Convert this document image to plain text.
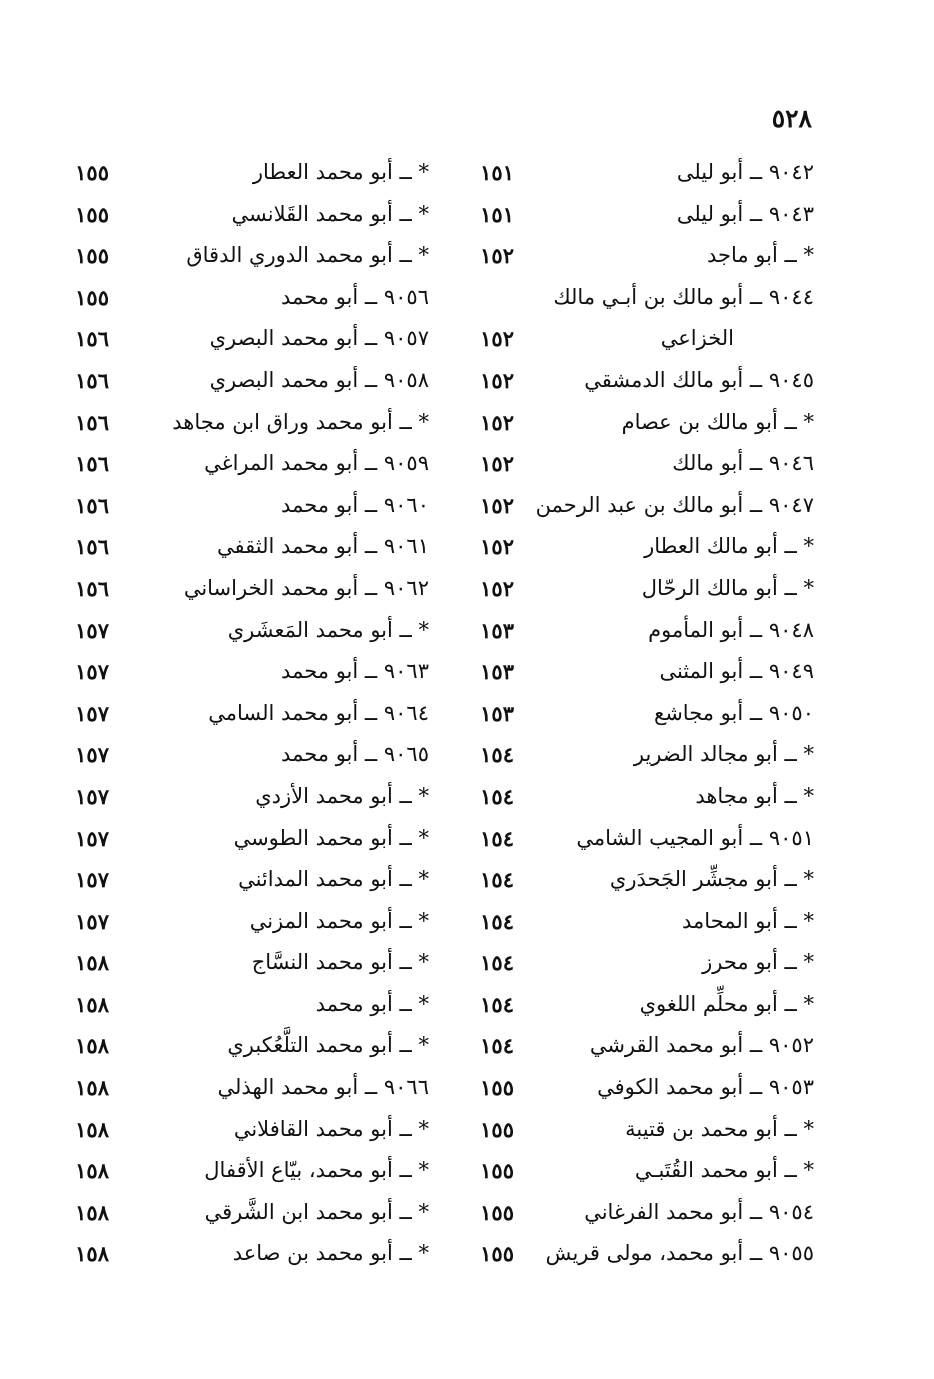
٥٢٨
٩٠٤٢ ــ أبو ليلى
١٥١
٩٠٤٣ ــ أبو ليلى
١٥١
* ــ أبو ماجد
١٥٢
٩٠٤٤ ــ أبو مالك بن أبـي مالك
الخزاعي
١٥٢
٩٠٤٥ ــ أبو مالك الدمشقي
١٥٢
* ــ أبو مالك بن عصام
١٥٢
٩٠٤٦ ــ أبو مالك
١٥٢
٩٠٤٧ ــ أبو مالك بن عبد الرحمن
١٥٢
* ــ أبو مالك العطار
١٥٢
* ــ أبو مالك الرحّال
١٥٢
٩٠٤٨ ــ أبو المأموم
١٥٣
٩٠٤٩ ــ أبو المثنى
١٥٣
٩٠٥٠ ــ أبو مجاشع
١٥٣
* ــ أبو مجالد الضرير
١٥٤
* ــ أبو مجاهد
١٥٤
٩٠٥١ ــ أبو المجيب الشامي
١٥٤
* ــ أبو مجشِّر الجَحدَري
١٥٤
* ــ أبو المحامد
١٥٤
* ــ أبو محرز
١٥٤
* ــ أبو محلِّم اللغوي
١٥٤
٩٠٥٢ ــ أبو محمد القرشي
١٥٤
٩٠٥٣ ــ أبو محمد الكوفي
١٥٥
* ــ أبو محمد بن قتيبة
١٥٥
* ــ أبو محمد القُتَبـي
١٥٥
٩٠٥٤ ــ أبو محمد الفرغاني
١٥٥
٩٠٥٥ ــ أبو محمد، مولى قريش
١٥٥
* ــ أبو محمد العطار
١٥٥
* ــ أبو محمد القَلانسي
١٥٥
* ــ أبو محمد الدوري الدقاق
١٥٥
٩٠٥٦ ــ أبو محمد
١٥٥
٩٠٥٧ ــ أبو محمد البصري
١٥٦
٩٠٥٨ ــ أبو محمد البصري
١٥٦
* ــ أبو محمد وراق ابن مجاهد
١٥٦
٩٠٥٩ ــ أبو محمد المراغي
١٥٦
٩٠٦٠ ــ أبو محمد
١٥٦
٩٠٦١ ــ أبو محمد الثقفي
١٥٦
٩٠٦٢ ــ أبو محمد الخراساني
١٥٦
* ــ أبو محمد المَعشَري
١٥٧
٩٠٦٣ ــ أبو محمد
١٥٧
٩٠٦٤ ــ أبو محمد السامي
١٥٧
٩٠٦٥ ــ أبو محمد
١٥٧
* ــ أبو محمد الأزدي
١٥٧
* ــ أبو محمد الطوسي
١٥٧
* ــ أبو محمد المدائني
١٥٧
* ــ أبو محمد المزني
١٥٧
* ــ أبو محمد النسَّاج
١٥٨
* ــ أبو محمد
١٥٨
* ــ أبو محمد التلَّعُكبري
١٥٨
٩٠٦٦ ــ أبو محمد الهذلي
١٥٨
* ــ أبو محمد القافلاني
١٥٨
* ــ أبو محمد، بيّاع الأقفال
١٥٨
* ــ أبو محمد ابن الشَّرقي
١٥٨
* ــ أبو محمد بن صاعد
١٥٨
